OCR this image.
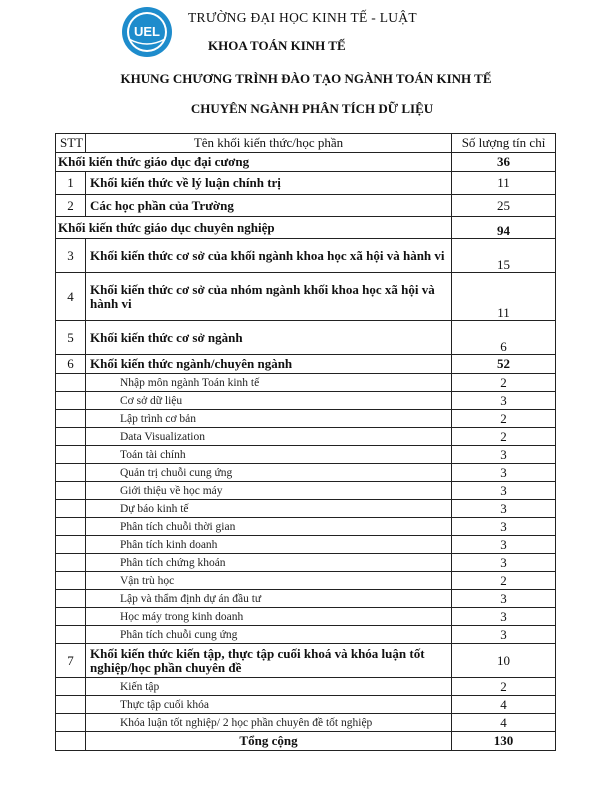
UEL
TRƯỜNG ĐẠI HỌC KINH TẾ - LUẬT
KHOA TOÁN KINH TẾ
KHUNG CHƯƠNG TRÌNH ĐÀO TẠO NGÀNH TOÁN KINH TẾ
CHUYÊN NGÀNH PHÂN TÍCH DỮ LIỆU
STT	Tên khối kiến thức/học phần	Số lượng tín chỉ
Khối kiến thức giáo dục đại cương		36
1	Khối kiến thức về lý luận chính trị	11
2	Các học phần của Trường	25
Khối kiến thức giáo dục chuyên nghiệp		94
3	Khối kiến thức cơ sở của khối ngành khoa học xã hội và hành vi	15
4	Khối kiến thức cơ sở của nhóm ngành khối khoa học xã hội và hành vi	11
5	Khối kiến thức cơ sở ngành	6
6	Khối kiến thức ngành/chuyên ngành	52
	Nhập môn ngành Toán kinh tế	2
	Cơ sở dữ liệu	3
	Lập trình cơ bản	2
	Data Visualization	2
	Toán tài chính	3
	Quản trị chuỗi cung ứng	3
	Giới thiệu về học máy	3
	Dự báo kinh tế	3
	Phân tích chuỗi thời gian	3
	Phân tích kinh doanh	3
	Phân tích chứng khoán	3
	Vận trù học	2
	Lập và thẩm định dự án đầu tư	3
	Học máy trong kinh doanh	3
	Phân tích chuỗi cung ứng	3
7	Khối kiến thức kiến tập, thực tập cuối khoá và khóa luận tốt nghiệp/học phần chuyên đề	10
	Kiến tập	2
	Thực tập cuối khóa	4
	Khóa luận tốt nghiệp/ 2 học phần chuyên đề tốt nghiệp	4
	Tổng cộng	130
